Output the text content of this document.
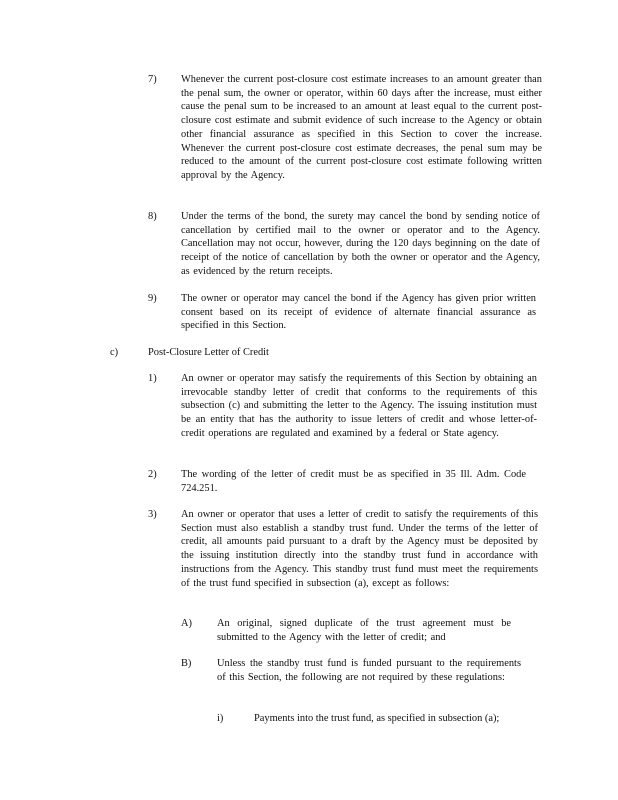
7)	Whenever the current post-closure cost estimate increases to an amount greater than the penal sum, the owner or operator, within 60 days after the increase, must either cause the penal sum to be increased to an amount at least equal to the current post-closure cost estimate and submit evidence of such increase to the Agency or obtain other financial assurance as specified in this Section to cover the increase. Whenever the current post-closure cost estimate decreases, the penal sum may be reduced to the amount of the current post-closure cost estimate following written approval by the Agency.
8)	Under the terms of the bond, the surety may cancel the bond by sending notice of cancellation by certified mail to the owner or operator and to the Agency. Cancellation may not occur, however, during the 120 days beginning on the date of receipt of the notice of cancellation by both the owner or operator and the Agency, as evidenced by the return receipts.
9)	The owner or operator may cancel the bond if the Agency has given prior written consent based on its receipt of evidence of alternate financial assurance as specified in this Section.
c)	Post-Closure Letter of Credit
1)	An owner or operator may satisfy the requirements of this Section by obtaining an irrevocable standby letter of credit that conforms to the requirements of this subsection (c) and submitting the letter to the Agency. The issuing institution must be an entity that has the authority to issue letters of credit and whose letter-of-credit operations are regulated and examined by a federal or State agency.
2)	The wording of the letter of credit must be as specified in 35 Ill. Adm. Code 724.251.
3)	An owner or operator that uses a letter of credit to satisfy the requirements of this Section must also establish a standby trust fund. Under the terms of the letter of credit, all amounts paid pursuant to a draft by the Agency must be deposited by the issuing institution directly into the standby trust fund in accordance with instructions from the Agency. This standby trust fund must meet the requirements of the trust fund specified in subsection (a), except as follows:
A)	An original, signed duplicate of the trust agreement must be submitted to the Agency with the letter of credit; and
B)	Unless the standby trust fund is funded pursuant to the requirements of this Section, the following are not required by these regulations:
i)	Payments into the trust fund, as specified in subsection (a);
